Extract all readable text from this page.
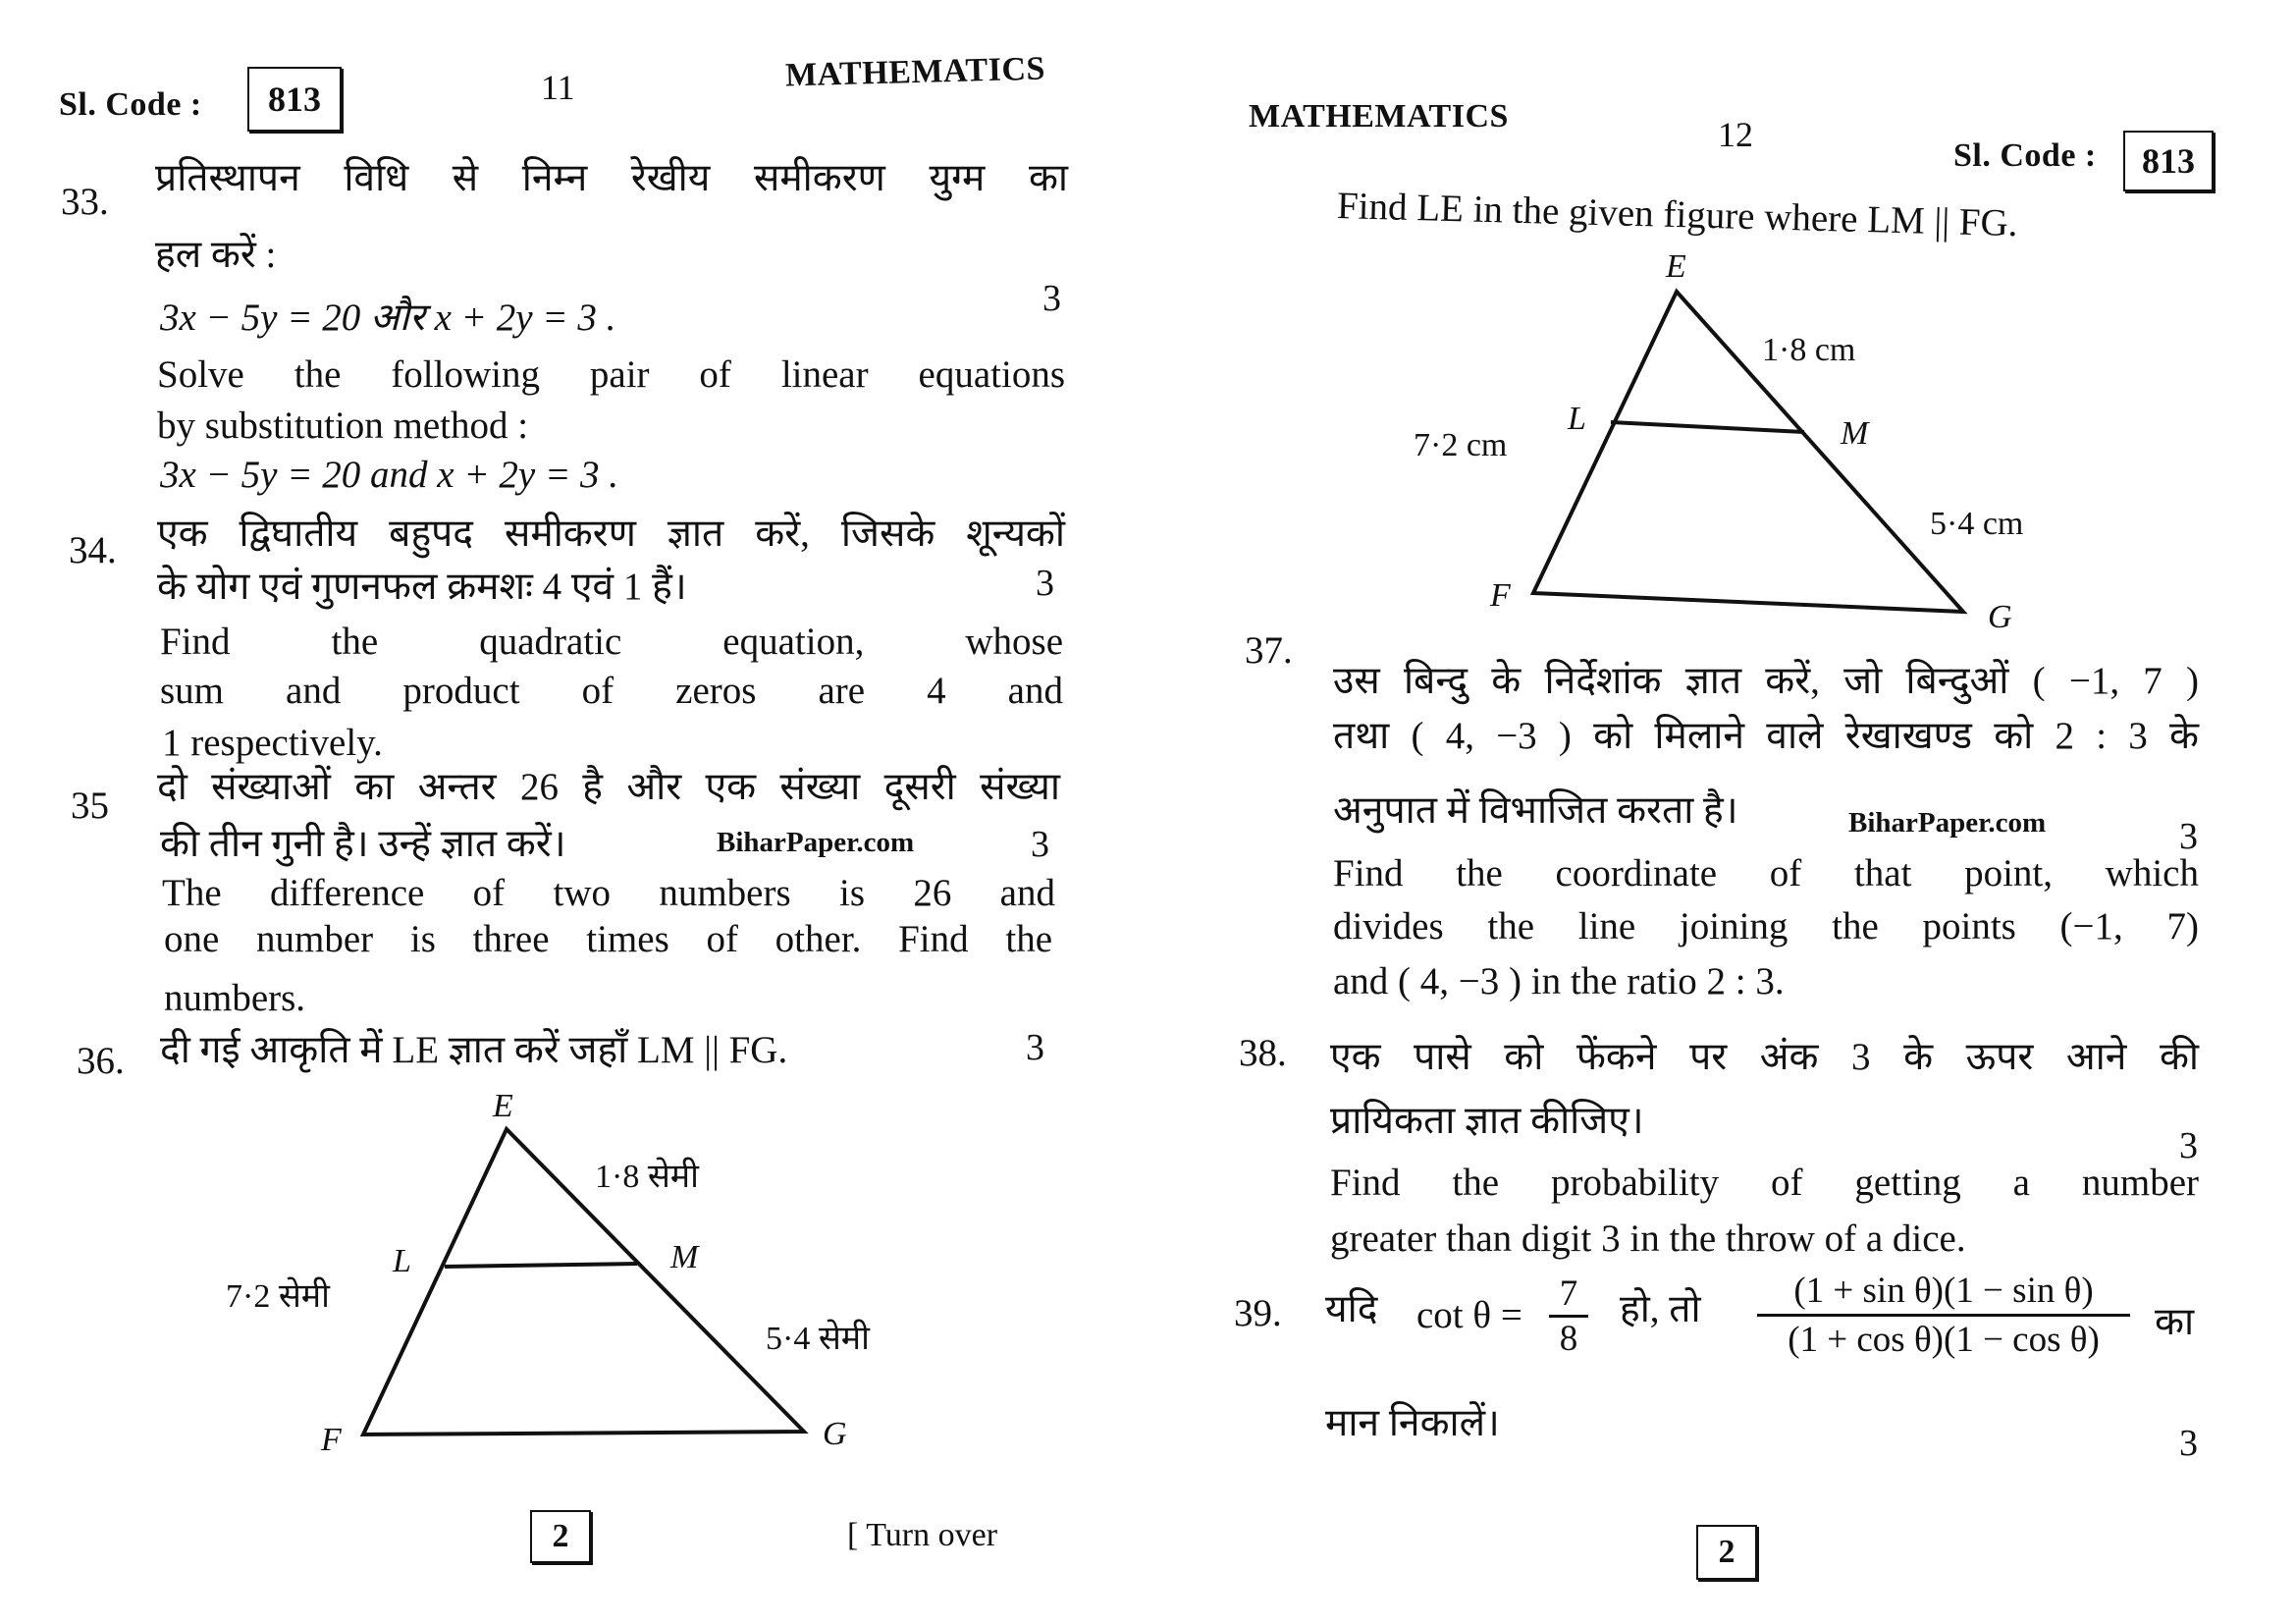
Sl. Code :	813	11	MATHEMATICS
33.
प्रतिस्थापन विधि से निम्न रेखीय समीकरण युग्म का
हल करें :
3
3x − 5y = 20 और x + 2y = 3 .
Solve the following pair of linear equations
by substitution method :
3x − 5y = 20 and x + 2y = 3 .
34. एक द्विघातीय बहुपद समीकरण ज्ञात करें, जिसके शून्यकों
के योग एवं गुणनफल क्रमशः 4 एवं 1 हैं।	3
Find the quadratic equation, whose
sum and product of zeros are 4 and
1 respectively.
35 दो संख्याओं का अन्तर 26 है और एक संख्या दूसरी संख्या
की तीन गुनी है। उन्हें ज्ञात करें।	BiharPaper.com	3
The difference of two numbers is 26 and
one number is three times of other. Find the
numbers.
36. दी गई आकृति में LE ज्ञात करें जहाँ LM || FG.	3
E
L	M
F	G
1·8 सेमी
7·2 सेमी
5·4 सेमी
2	[ Turn over
MATHEMATICS	12
Sl. Code :	813
Find LE in the given figure where LM || FG.
E
L	M
F
G
1·8 cm
7·2 cm
5·4 cm
37.
उस बिन्दु के निर्देशांक ज्ञात करें, जो बिन्दुओं ( −1, 7 )
तथा ( 4, −3 ) को मिलाने वाले रेखाखण्ड को 2 : 3 के
अनुपात में विभाजित करता है।	BiharPaper.com	3
Find the coordinate of that point, which
divides the line joining the points (−1, 7)
and ( 4, −3 ) in the ratio 2 : 3.
38. एक पासे को फेंकने पर अंक 3 के ऊपर आने की
प्रायिकता ज्ञात कीजिए।
3
Find the probability of getting a number
greater than digit 3 in the throw of a dice.
39. यदि cot θ =
7
8
हो, तो	(1 + sin θ)(1 − sin θ)
(1 + cos θ)(1 − cos θ)	का
मान निकालें।	3
2
